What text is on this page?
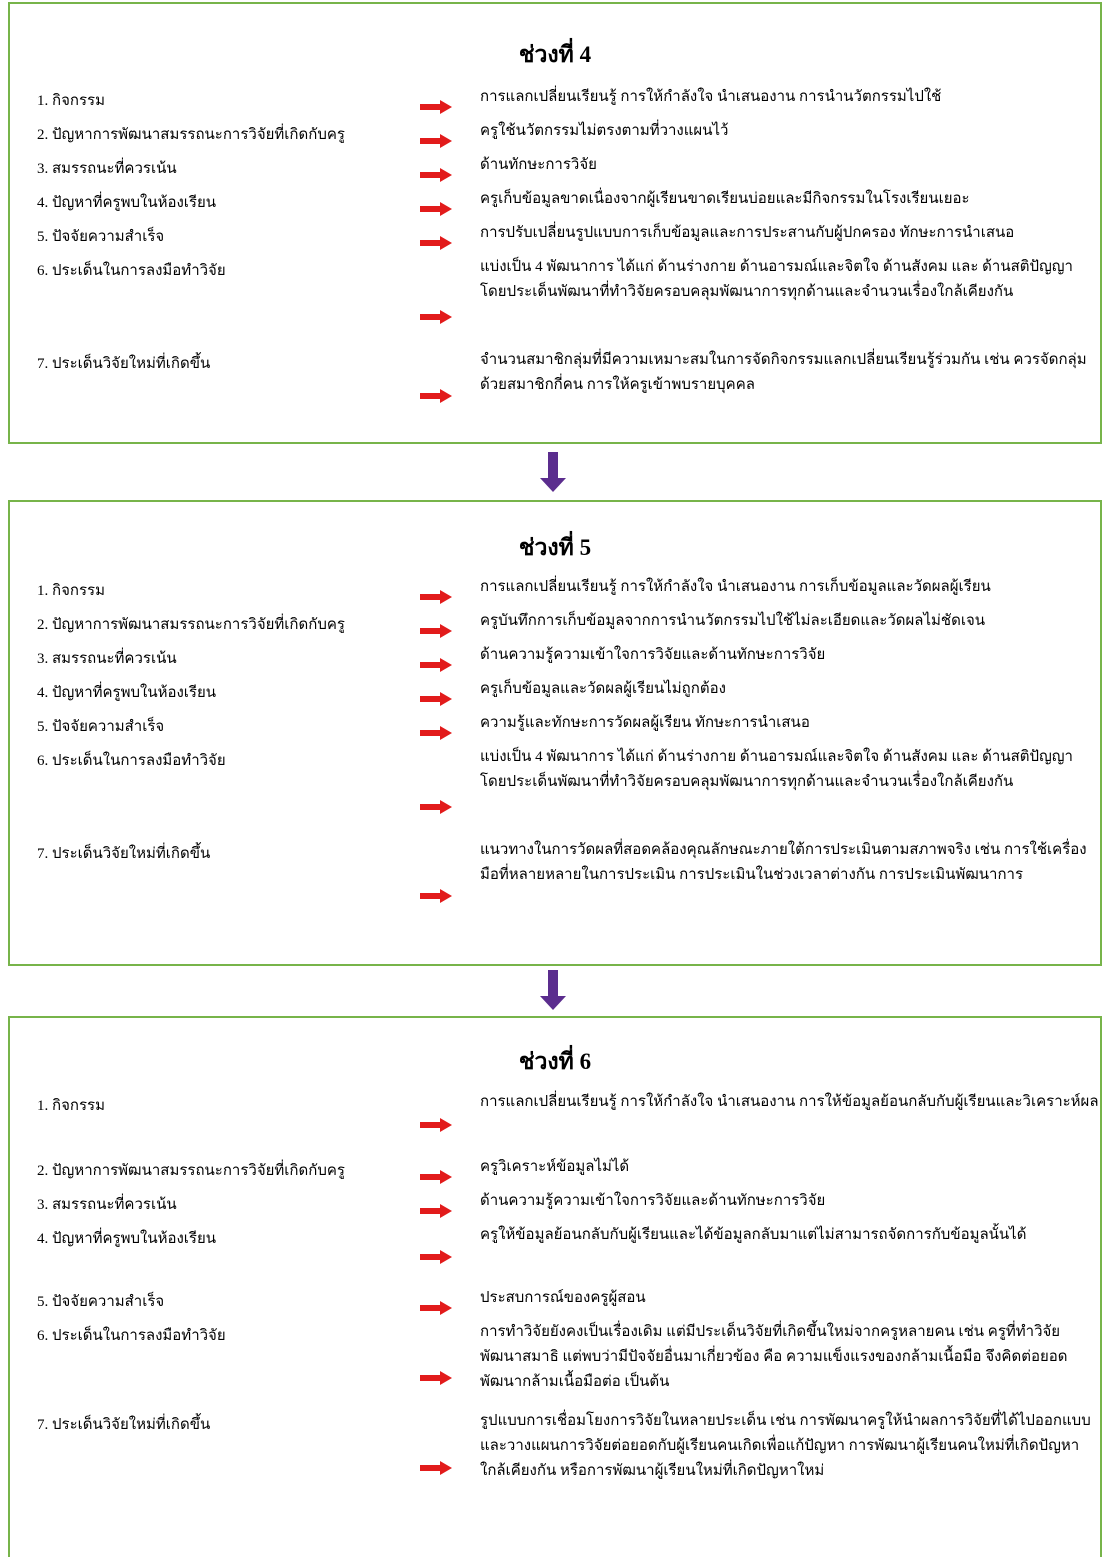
ช่วงที่ 4
1. กิจกรรม	การแลกเปลี่ยนเรียนรู้ การให้กำลังใจ นำเสนองาน การนำนวัตกรรมไปใช้
2. ปัญหาการพัฒนาสมรรถนะการวิจัยที่เกิดกับครู	ครูใช้นวัตกรรมไม่ตรงตามที่วางแผนไว้
3. สมรรถนะที่ควรเน้น	ด้านทักษะการวิจัย
4. ปัญหาที่ครูพบในห้องเรียน	ครูเก็บข้อมูลขาดเนื่องจากผู้เรียนขาดเรียนบ่อยและมีกิจกรรมในโรงเรียนเยอะ
5. ปัจจัยความสำเร็จ	การปรับเปลี่ยนรูปแบบการเก็บข้อมูลและการประสานกับผู้ปกครอง ทักษะการนำเสนอ
6. ประเด็นในการลงมือทำวิจัย	แบ่งเป็น 4 พัฒนาการ ได้แก่ ด้านร่างกาย ด้านอารมณ์และจิตใจ ด้านสังคม และ ด้านสติปัญญา โดยประเด็นพัฒนาที่ทำวิจัยครอบคลุมพัฒนาการทุกด้านและจำนวนเรื่องใกล้เคียงกัน
7. ประเด็นวิจัยใหม่ที่เกิดขึ้น	จำนวนสมาชิกลุ่มที่มีความเหมาะสมในการจัดกิจกรรมแลกเปลี่ยนเรียนรู้ร่วมกัน เช่น ควรจัดกลุ่มด้วยสมาชิกกี่คน การให้ครูเข้าพบรายบุคคล
ช่วงที่ 5
1. กิจกรรม	การแลกเปลี่ยนเรียนรู้ การให้กำลังใจ นำเสนองาน การเก็บข้อมูลและวัดผลผู้เรียน
2. ปัญหาการพัฒนาสมรรถนะการวิจัยที่เกิดกับครู	ครูบันทึกการเก็บข้อมูลจากการนำนวัตกรรมไปใช้ไม่ละเอียดและวัดผลไม่ชัดเจน
3. สมรรถนะที่ควรเน้น	ด้านความรู้ความเข้าใจการวิจัยและด้านทักษะการวิจัย
4. ปัญหาที่ครูพบในห้องเรียน	ครูเก็บข้อมูลและวัดผลผู้เรียนไม่ถูกต้อง
5. ปัจจัยความสำเร็จ	ความรู้และทักษะการวัดผลผู้เรียน ทักษะการนำเสนอ
6. ประเด็นในการลงมือทำวิจัย	แบ่งเป็น 4 พัฒนาการ ได้แก่ ด้านร่างกาย ด้านอารมณ์และจิตใจ ด้านสังคม และ ด้านสติปัญญา โดยประเด็นพัฒนาที่ทำวิจัยครอบคลุมพัฒนาการทุกด้านและจำนวนเรื่องใกล้เคียงกัน
7. ประเด็นวิจัยใหม่ที่เกิดขึ้น	แนวทางในการวัดผลที่สอดคล้องคุณลักษณะภายใต้การประเมินตามสภาพจริง เช่น การใช้เครื่องมือที่หลายหลายในการประเมิน การประเมินในช่วงเวลาต่างกัน การประเมินพัฒนาการ
ช่วงที่ 6
1. กิจกรรม	การแลกเปลี่ยนเรียนรู้ การให้กำลังใจ นำเสนองาน การให้ข้อมูลย้อนกลับกับผู้เรียนและวิเคราะห์ผล
2. ปัญหาการพัฒนาสมรรถนะการวิจัยที่เกิดกับครู	ครูวิเคราะห์ข้อมูลไม่ได้
3. สมรรถนะที่ควรเน้น	ด้านความรู้ความเข้าใจการวิจัยและด้านทักษะการวิจัย
4. ปัญหาที่ครูพบในห้องเรียน	ครูให้ข้อมูลย้อนกลับกับผู้เรียนและได้ข้อมูลกลับมาแต่ไม่สามารถจัดการกับข้อมูลนั้นได้
5. ปัจจัยความสำเร็จ	ประสบการณ์ของครูผู้สอน
6. ประเด็นในการลงมือทำวิจัย	การทำวิจัยยังคงเป็นเรื่องเดิม แต่มีประเด็นวิจัยที่เกิดขึ้นใหม่จากครูหลายคน เช่น ครูที่ทำวิจัยพัฒนาสมาธิ แต่พบว่ามีปัจจัยอื่นมาเกี่ยวข้อง คือ ความแข็งแรงของกล้ามเนื้อมือ จึงคิดต่อยอดพัฒนากล้ามเนื้อมือต่อ เป็นต้น
7. ประเด็นวิจัยใหม่ที่เกิดขึ้น	รูปแบบการเชื่อมโยงการวิจัยในหลายประเด็น เช่น การพัฒนาครูให้นำผลการวิจัยที่ได้ไปออกแบบและวางแผนการวิจัยต่อยอดกับผู้เรียนคนเกิดเพื่อแก้ปัญหา การพัฒนาผู้เรียนคนใหม่ที่เกิดปัญหาใกล้เคียงกัน หรือการพัฒนาผู้เรียนใหม่ที่เกิดปัญหาใหม่
